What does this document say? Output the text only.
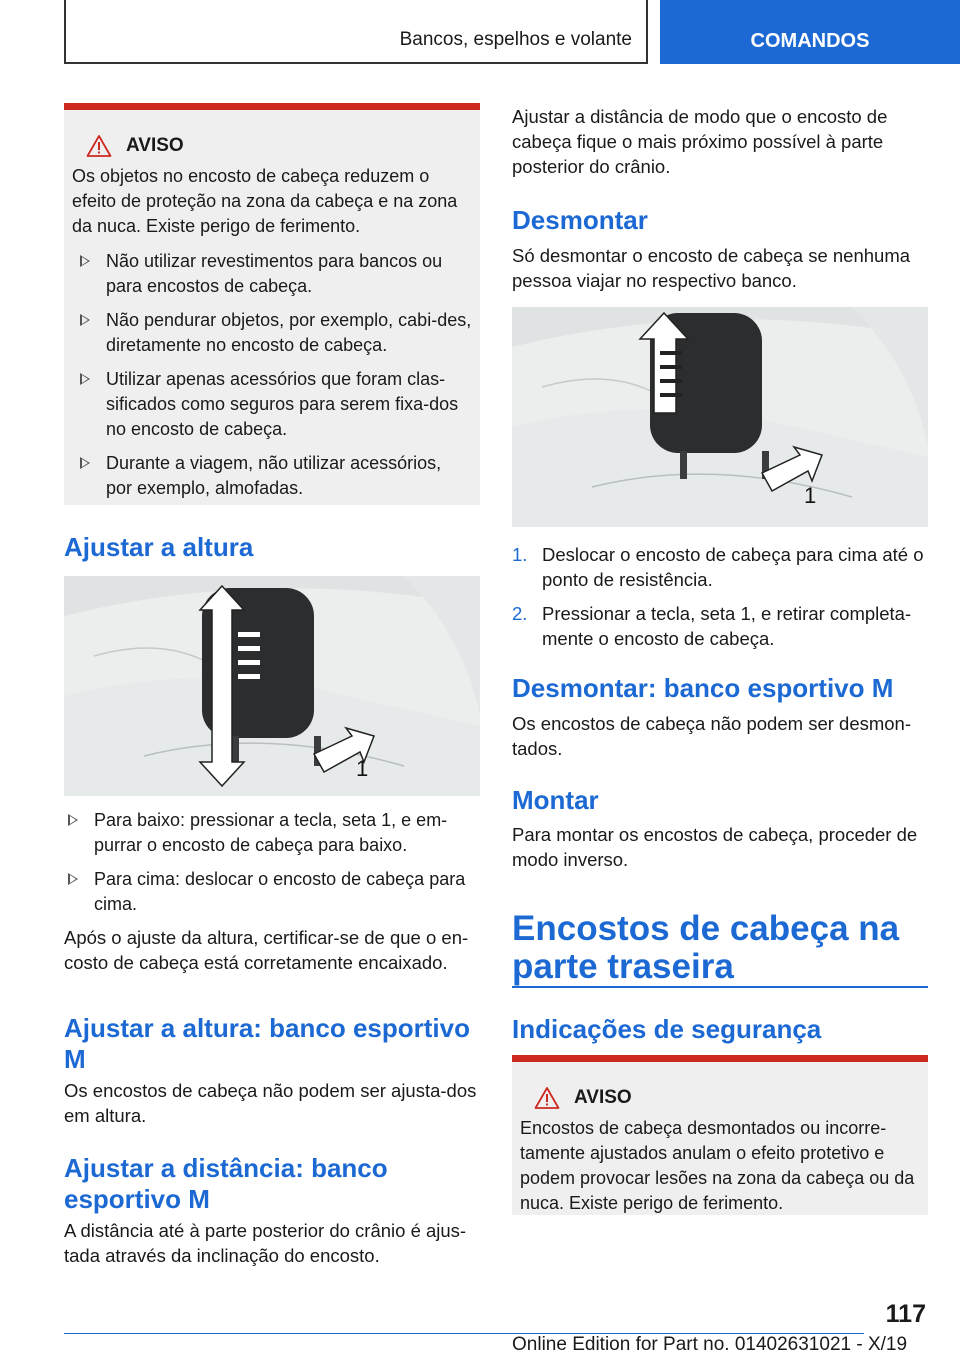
Bancos, espelhos e volante	COMANDOS
AVISO

Os objetos no encosto de cabeça reduzem o efeito de proteção na zona da cabeça e na zona da nuca. Existe perigo de ferimento.

Não utilizar revestimentos para bancos ou para encostos de cabeça.
Não pendurar objetos, por exemplo, cabi-des, diretamente no encosto de cabeça.
Utilizar apenas acessórios que foram clas-sificados como seguros para serem fixa-dos no encosto de cabeça.
Durante a viagem, não utilizar acessórios, por exemplo, almofadas.
Ajustar a altura
1
Para baixo: pressionar a tecla, seta 1, e em-purrar o encosto de cabeça para baixo.
Para cima: deslocar o encosto de cabeça para cima.

Após o ajuste da altura, certificar-se de que o en-costo de cabeça está corretamente encaixado.

Ajustar a altura: banco esportivo M

Os encostos de cabeça não podem ser ajusta-dos em altura.

Ajustar a distância: banco esportivo M

A distância até à parte posterior do crânio é ajus-tada através da inclinação do encosto.

Ajustar a distância de modo que o encosto de cabeça fique o mais próximo possível à parte posterior do crânio.

Desmontar

Só desmontar o encosto de cabeça se nenhuma pessoa viajar no respectivo banco.

1
1. Deslocar o encosto de cabeça para cima até o ponto de resistência.
2. Pressionar a tecla, seta 1, e retirar completa-mente o encosto de cabeça.
Desmontar: banco esportivo M

Os encostos de cabeça não podem ser desmon-tados.

Montar

Para montar os encostos de cabeça, proceder de modo inverso.

Encostos de cabeça na parte traseira
Indicações de segurança
AVISO

Encostos de cabeça desmontados ou incorre-tamente ajustados anulam o efeito protetivo e podem provocar lesões na zona da cabeça ou da nuca. Existe perigo de ferimento.

117
Online Edition for Part no. 01402631021 - X/19
